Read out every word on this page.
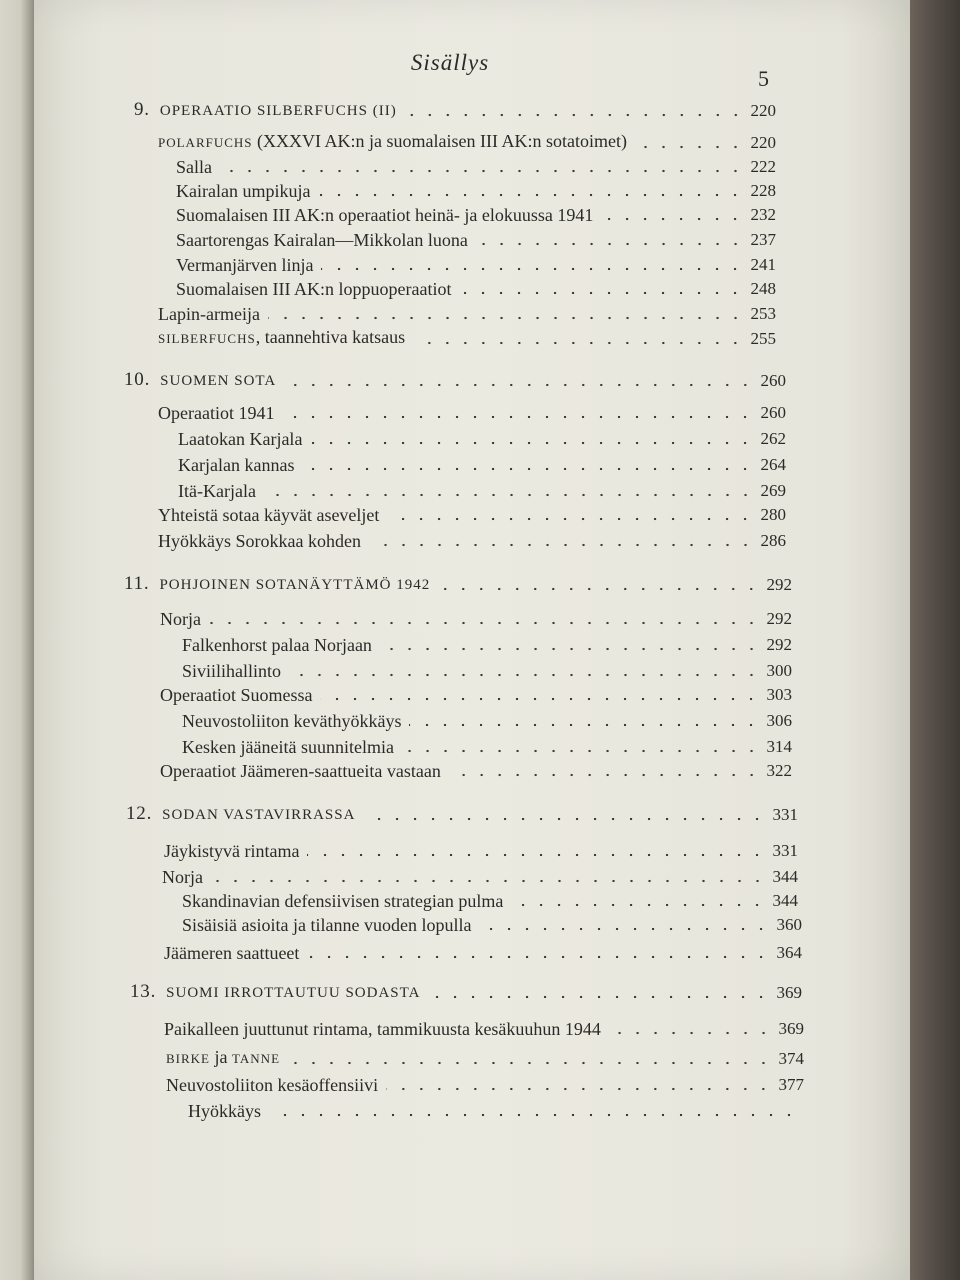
Sisällys
5
9. OPERAATIO SILBERFUCHS (II)	220
POLARFUCHS (XXXVI AK:n ja suomalaisen III AK:n sotatoimet)	220
Salla	222
Kairalan umpikuja	228
Suomalaisen III AK:n operaatiot heinä- ja elokuussa 1941	232
Saartorengas Kairalan—Mikkolan luona	237
Vermanjärven linja	241
Suomalaisen III AK:n loppuoperaatiot	248
Lapin-armeija	253
SILBERFUCHS, taannehtiva katsaus	255
10. SUOMEN SOTA	260
Operaatiot 1941	260
Laatokan Karjala	262
Karjalan kannas	264
Itä-Karjala	269
Yhteistä sotaa käyvät aseveljet	280
Hyökkäys Sorokkaa kohden	286
11. POHJOINEN SOTANÄYTTÄMÖ 1942	292
Norja	292
Falkenhorst palaa Norjaan	292
Siviilihallinto	300
Operaatiot Suomessa	303
Neuvostoliiton keväthyökkäys	306
Kesken jääneitä suunnitelmia	314
Operaatiot Jäämeren-saattueita vastaan	322
12. SODAN VASTAVIRRASSA	331
Jäykistyvä rintama	331
Norja	344
Skandinavian defensiivisen strategian pulma	344
Sisäisiä asioita ja tilanne vuoden lopulla	360
Jäämeren saattueet	364
13. SUOMI IRROTTAUTUU SODASTA	369
Paikalleen juuttunut rintama, tammikuusta kesäkuuhun 1944	369
BIRKE ja TANNE	374
Neuvostoliiton kesäoffensiivi	377
Hyökkäys
